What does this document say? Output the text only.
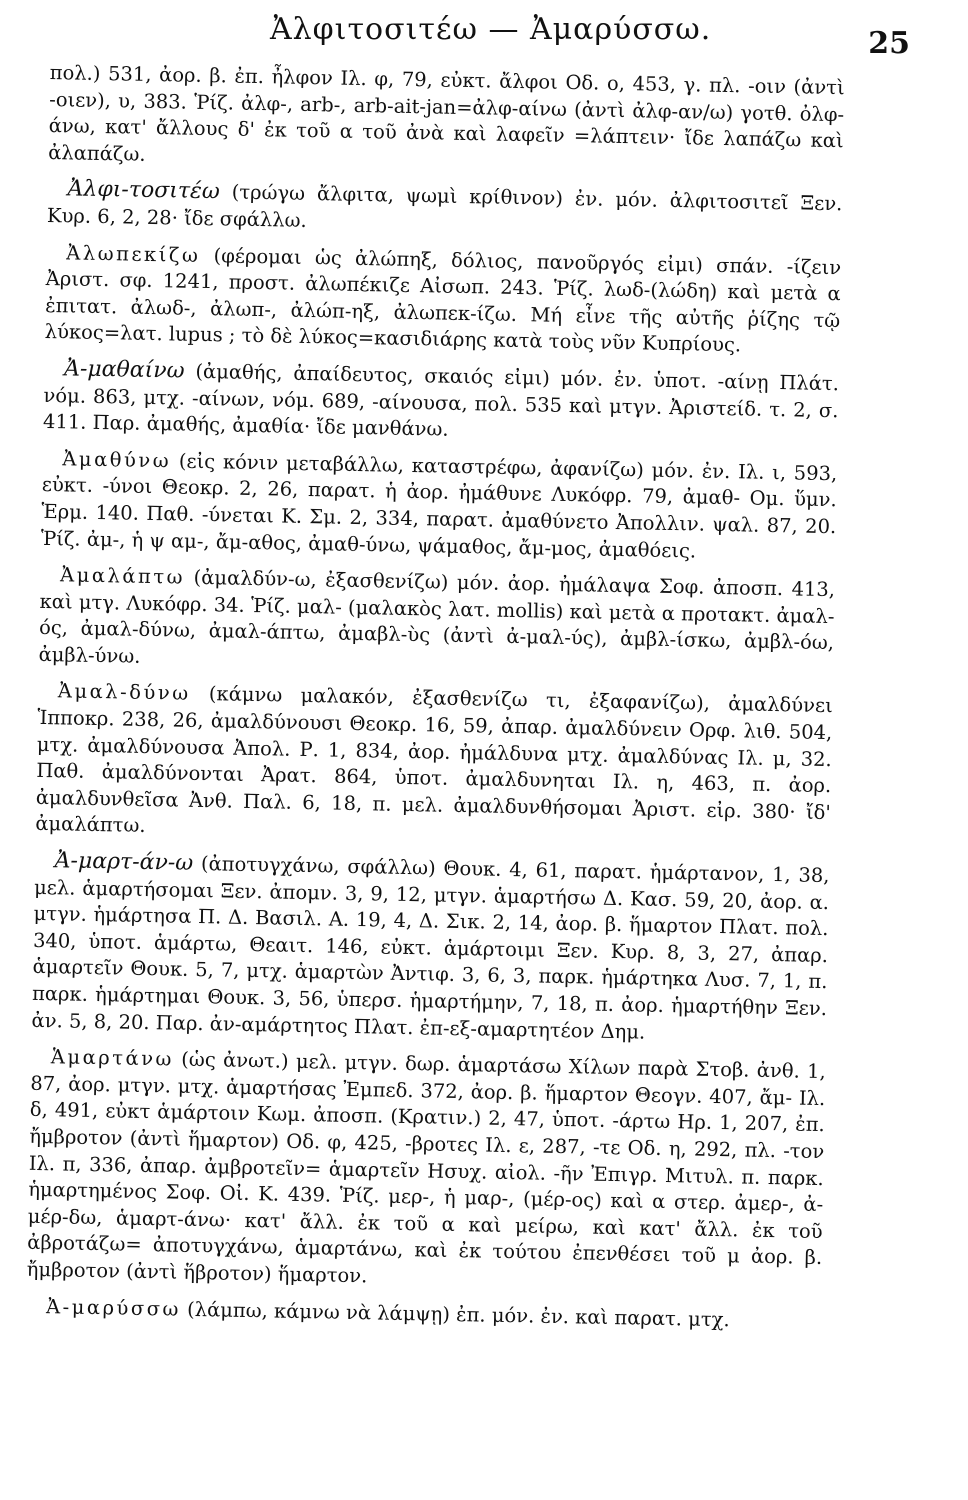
Ἀλφιτοσιτέω — Ἀμαρύσσω.	25

πολ.) 531, ἀορ. β. ἐπ. ἦλφον Ιλ. φ, 79, εὐκτ. ἄλφοι Οδ. ο, 453, γ. πλ. -οιν (ἀντὶ -οιεν), υ, 383. Ῥίζ. ἀλφ-, arb-, arb-ait-jan=ἀλφ-αίνω (ἀντὶ ἀλφ-αν/ω) γοτθ. ὀλφ-άνω, κατ' ἄλλους δ' ἐκ τοῦ α τοῦ ἀνὰ καὶ λαφεῖν =λάπτειν· ἴδε λαπάζω καὶ ἀλαπάζω.

Ἀλφι-τοσιτέω (τρώγω ἄλφιτα, ψωμὶ κρίθινον) ἐν. μόν. ἀλφιτοσιτεῖ Ξεν. Κυρ. 6, 2, 28· ἴδε σφάλλω.

Ἀλωπεκίζω (φέρομαι ὡς ἀλώπηξ, δόλιος, πανοῦργός εἰμι) σπάν. -ίζειν Ἀριστ. σφ. 1241, προστ. ἀλωπέκιζε Αἰσωπ. 243. Ῥίζ. λωδ-(λώδη) καὶ μετὰ α ἐπιτατ. ἀλωδ-, ἀλωπ-, ἀλώπ-ηξ, ἀλωπεκ-ίζω. Μή εἶνε τῆς αὐτῆς ῥίζης τῷ λύκος=λατ. lupus ; τὸ δὲ λύκος=κασιδιάρης κατὰ τοὺς νῦν Κυπρίους.

Ἀ-μαθαίνω (ἀμαθής, ἀπαίδευτος, σκαιός εἰμι) μόν. ἐν. ὑποτ. -αίνῃ Πλάτ. νόμ. 863, μτχ. -αίνων, νόμ. 689, -αίνουσα, πολ. 535 καὶ μτγν. Ἀριστείδ. τ. 2, σ. 411. Παρ. ἀμαθής, ἀμαθία· ἴδε μανθάνω.

Ἀμαθύνω (εἰς κόνιν μεταβάλλω, καταστρέφω, ἀφανίζω) μόν. ἐν. Ιλ. ι, 593, εὐκτ. -ύνοι Θεοκρ. 2, 26, παρατ. ἡ ἀορ. ἠμάθυνε Λυκόφρ. 79, ἀμαθ- Ομ. ὕμν. Ἑρμ. 140. Παθ. -ύνεται Κ. Σμ. 2, 334, παρατ. ἀμαθύνετο Ἀπολλιν. ψαλ. 87, 20. Ῥίζ. ἀμ-, ἡ ψ αμ-, ἄμ-αθος, ἀμαθ-ύνω, ψάμαθος, ἄμ-μος, ἀμαθόεις.

Ἀμαλάπτω (ἀμαλδύν-ω, ἐξασθενίζω) μόν. ἀορ. ἠμάλαψα Σοφ. ἀποσπ. 413, καὶ μτγ. Λυκόφρ. 34. Ῥίζ. μαλ- (μαλακὸς λατ. mollis) καὶ μετὰ α προτακτ. ἀμαλ-ός, ἀμαλ-δύνω, ἀμαλ-άπτω, ἀμαβλ-ὺς (ἀντὶ ἀ-μαλ-ύς), ἀμβλ-ίσκω, ἀμβλ-όω, ἀμβλ-ύνω.

Ἀμαλ-δύνω (κάμνω μαλακόν, ἐξασθενίζω τι, ἐξαφανίζω), ἀμαλδύνει Ἱπποκρ. 238, 26, ἀμαλδύνουσι Θεοκρ. 16, 59, ἀπαρ. ἀμαλδύνειν Ορφ. λιθ. 504, μτχ. ἀμαλδύνουσα Ἀπολ. Ρ. 1, 834, ἀορ. ἠμάλδυνα μτχ. ἀμαλδύνας Ιλ. μ, 32. Παθ. ἀμαλδύνονται Ἀρατ. 864, ὑποτ. ἀμαλδυνηται Ιλ. η, 463, π. ἀορ. ἀμαλδυνθεῖσα Ἀνθ. Παλ. 6, 18, π. μελ. ἀμαλδυνθήσομαι Ἀριστ. εἰρ. 380· ἴδ' ἀμαλάπτω.

Ἀ-μαρτ-άν-ω (ἀποτυγχάνω, σφάλλω) Θουκ. 4, 61, παρατ. ἡμάρτανον, 1, 38, μελ. ἁμαρτήσομαι Ξεν. ἀπομν. 3, 9, 12, μτγν. ἁμαρτήσω Δ. Κασ. 59, 20, ἀορ. α. μτγν. ἡμάρτησα Π. Δ. Βασιλ. Α. 19, 4, Δ. Σικ. 2, 14, ἀορ. β. ἥμαρτον Πλατ. πολ. 340, ὑποτ. ἁμάρτω, Θεαιτ. 146, εὐκτ. ἁμάρτοιμι Ξεν. Κυρ. 8, 3, 27, ἀπαρ. ἁμαρτεῖν Θουκ. 5, 7, μτχ. ἁμαρτὼν Ἀντιφ. 3, 6, 3, παρκ. ἡμάρτηκα Λυσ. 7, 1, π. παρκ. ἡμάρτημαι Θουκ. 3, 56, ὑπερσ. ἡμαρτήμην, 7, 18, π. ἀορ. ἡμαρτήθην Ξεν. ἀν. 5, 8, 20. Παρ. ἀν-αμάρτητος Πλατ. ἐπ-εξ-αμαρτητέον Δημ.

Ἁμαρτάνω (ὡς ἀνωτ.) μελ. μτγν. δωρ. ἁμαρτάσω Χίλων παρὰ Στοβ. ἀνθ. 1, 87, ἀορ. μτγν. μτχ. ἁμαρτήσας Ἐμπεδ. 372, ἀορ. β. ἥμαρτον Θεογν. 407, ἄμ- Ιλ. δ, 491, εὐκτ ἁμάρτοιν Κωμ. ἀποσπ. (Κρατιν.) 2, 47, ὑποτ. -άρτω Ηρ. 1, 207, ἐπ. ἤμβροτον (ἀντὶ ἥμαρτον) Οδ. φ, 425, -βροτες Ιλ. ε, 287, -τε Οδ. η, 292, πλ. -τον Ιλ. π, 336, ἀπαρ. ἀμβροτεῖν= ἁμαρτεῖν Ησυχ. αἰολ. -ῆν Ἐπιγρ. Μιτυλ. π. παρκ. ἡμαρτημένος Σοφ. Οἰ. Κ. 439. Ῥίζ. μερ-, ἡ μαρ-, (μέρ-ος) καὶ α στερ. ἀμερ-, ἀ-μέρ-δω, ἁμαρτ-άνω· κατ' ἄλλ. ἐκ τοῦ α καὶ μείρω, καὶ κατ' ἄλλ. ἐκ τοῦ ἀβροτάζω= ἀποτυγχάνω, ἁμαρτάνω, καὶ ἐκ τούτου ἐπενθέσει τοῦ μ ἀορ. β. ἤμβροτον (ἀντὶ ἥβροτον) ἥμαρτον.

Ἀ-μαρύσσω (λάμπω, κάμνω νὰ λάμψῃ) ἐπ. μόν. ἐν. καὶ παρατ. μτχ.
